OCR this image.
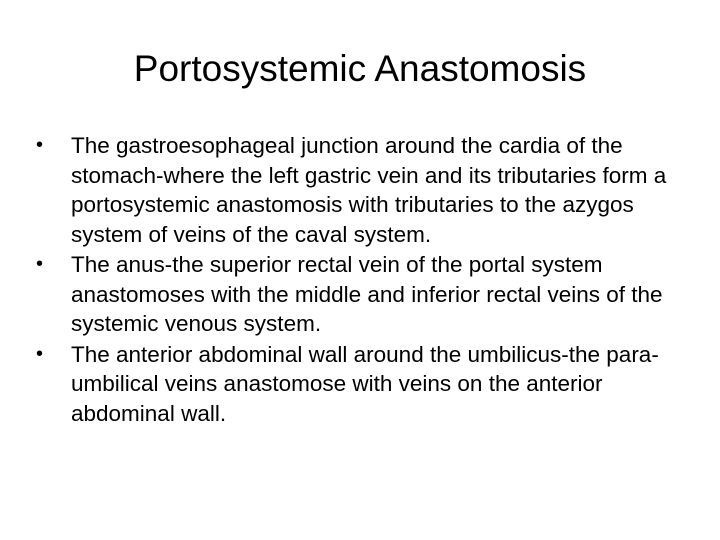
Portosystemic Anastomosis
•	The gastroesophageal junction around the cardia of the stomach-where the left gastric vein and its tributaries form a portosystemic anastomosis with tributaries to the azygos system of veins of the caval system.
•	The anus-the superior rectal vein of the portal system anastomoses with the middle and inferior rectal veins of the systemic venous system.
•	The anterior abdominal wall around the umbilicus-the para-umbilical veins anastomose with veins on the anterior abdominal wall.
